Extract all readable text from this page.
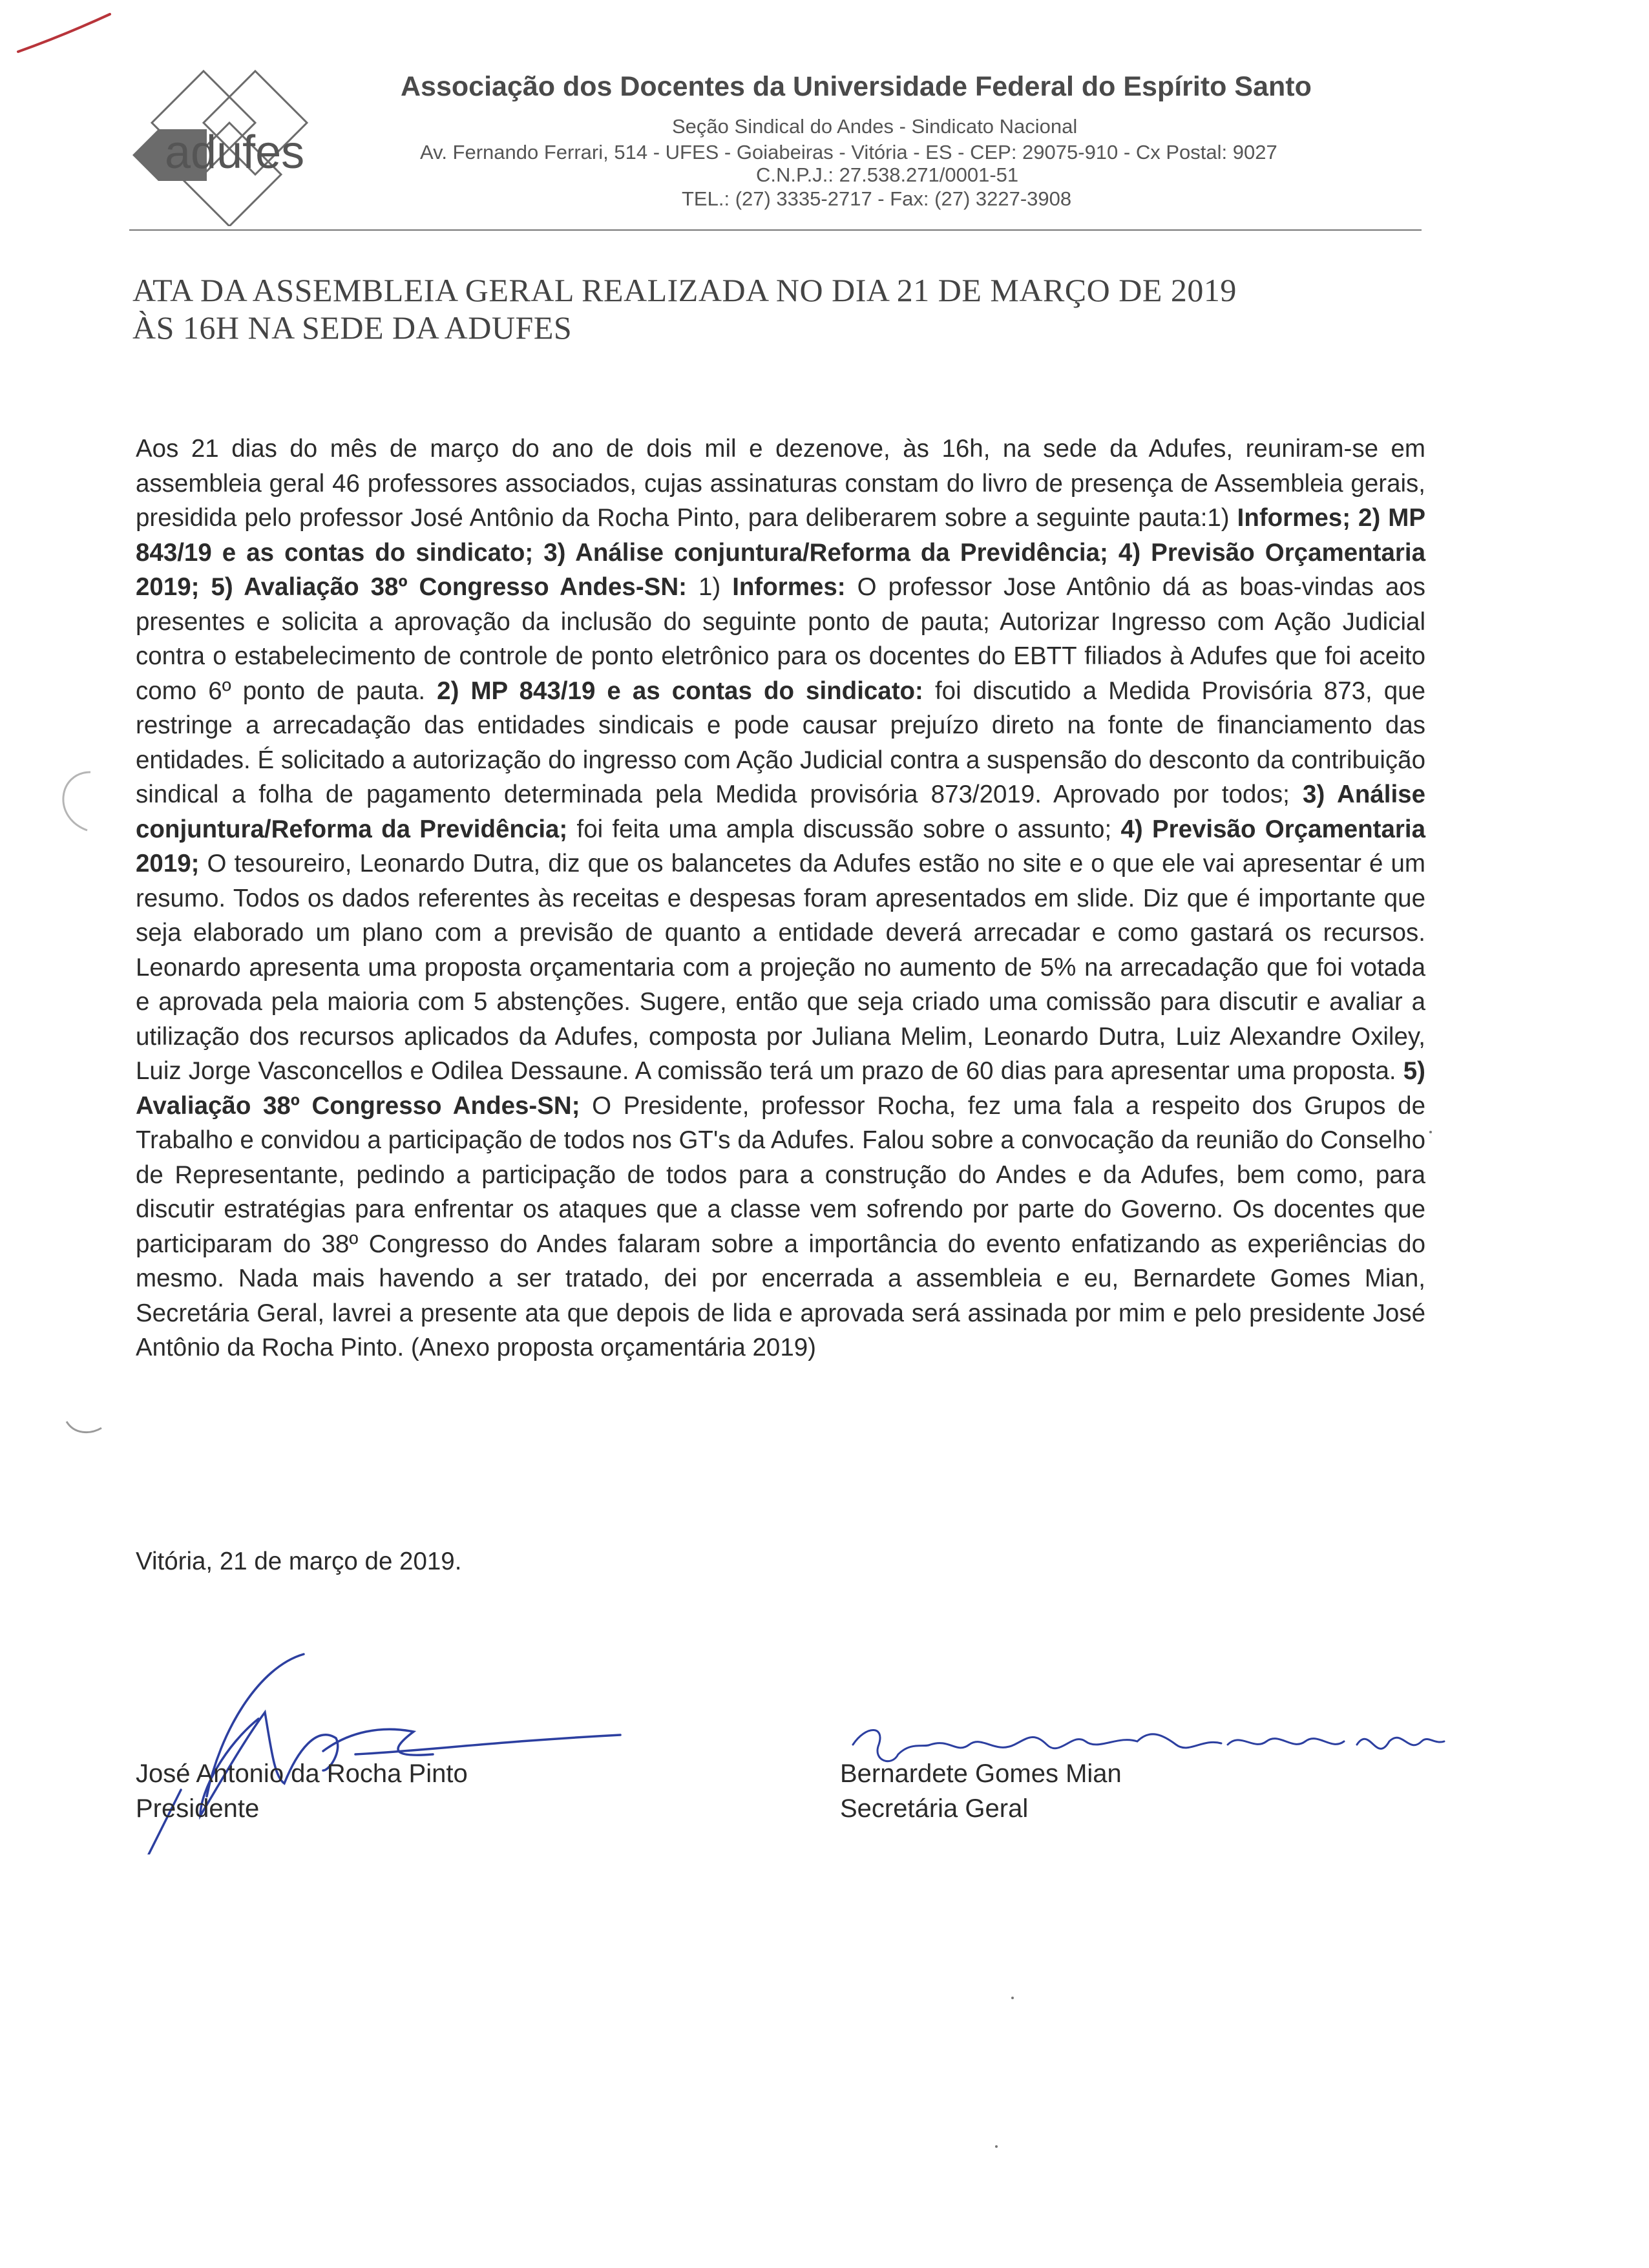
adufes
Associação dos Docentes da Universidade Federal do Espírito Santo
Seção Sindical do Andes - Sindicato Nacional
Av. Fernando Ferrari, 514 - UFES - Goiabeiras - Vitória - ES - CEP: 29075-910 - Cx Postal: 9027
C.N.P.J.: 27.538.271/0001-51
TEL.: (27) 3335-2717 - Fax: (27) 3227-3908
ATA DA ASSEMBLEIA GERAL REALIZADA NO DIA 21 DE MARÇO DE 2019
ÀS 16H NA SEDE DA ADUFES
Aos 21 dias do mês de março do ano de dois mil e dezenove, às 16h, na sede da Adufes, reuniram-se em assembleia geral 46 professores associados, cujas assinaturas constam do livro de presença de Assembleia gerais, presidida pelo professor José Antônio da Rocha Pinto, para deliberarem sobre a seguinte pauta:1) Informes; 2) MP 843/19 e as contas do sindicato; 3) Análise conjuntura/Reforma da Previdência; 4) Previsão Orçamentaria 2019; 5) Avaliação 38º Congresso Andes-SN: 1) Informes: O professor Jose Antônio dá as boas-vindas aos presentes e solicita a aprovação da inclusão do seguinte ponto de pauta; Autorizar Ingresso com Ação Judicial contra o estabelecimento de controle de ponto eletrônico para os docentes do EBTT filiados à Adufes que foi aceito como 6º ponto de pauta. 2) MP 843/19 e as contas do sindicato: foi discutido a Medida Provisória 873, que restringe a arrecadação das entidades sindicais e pode causar prejuízo direto na fonte de financiamento das entidades. É solicitado a autorização do ingresso com Ação Judicial contra a suspensão do desconto da contribuição sindical a folha de pagamento determinada pela Medida provisória 873/2019. Aprovado por todos; 3) Análise conjuntura/Reforma da Previdência; foi feita uma ampla discussão sobre o assunto; 4) Previsão Orçamentaria 2019; O tesoureiro, Leonardo Dutra, diz que os balancetes da Adufes estão no site e o que ele vai apresentar é um resumo. Todos os dados referentes às receitas e despesas foram apresentados em slide. Diz que é importante que seja elaborado um plano com a previsão de quanto a entidade deverá arrecadar e como gastará os recursos. Leonardo apresenta uma proposta orçamentaria com a projeção no aumento de 5% na arrecadação que foi votada e aprovada pela maioria com 5 abstenções. Sugere, então que seja criado uma comissão para discutir e avaliar a utilização dos recursos aplicados da Adufes, composta por Juliana Melim, Leonardo Dutra, Luiz Alexandre Oxiley, Luiz Jorge Vasconcellos e Odilea Dessaune. A comissão terá um prazo de 60 dias para apresentar uma proposta. 5) Avaliação 38º Congresso Andes-SN; O Presidente, professor Rocha, fez uma fala a respeito dos Grupos de Trabalho e convidou a participação de todos nos GT's da Adufes. Falou sobre a convocação da reunião do Conselho de Representante, pedindo a participação de todos para a construção do Andes e da Adufes, bem como, para discutir estratégias para enfrentar os ataques que a classe vem sofrendo por parte do Governo. Os docentes que participaram do 38º Congresso do Andes falaram sobre a importância do evento enfatizando as experiências do mesmo. Nada mais havendo a ser tratado, dei por encerrada a assembleia e eu, Bernardete Gomes Mian, Secretária Geral, lavrei a presente ata que depois de lida e aprovada será assinada por mim e pelo presidente José Antônio da Rocha Pinto. (Anexo proposta orçamentária 2019)
Vitória, 21 de março de 2019.
José Antonio da Rocha Pinto
Presidente
Bernardete Gomes Mian
Secretária Geral
